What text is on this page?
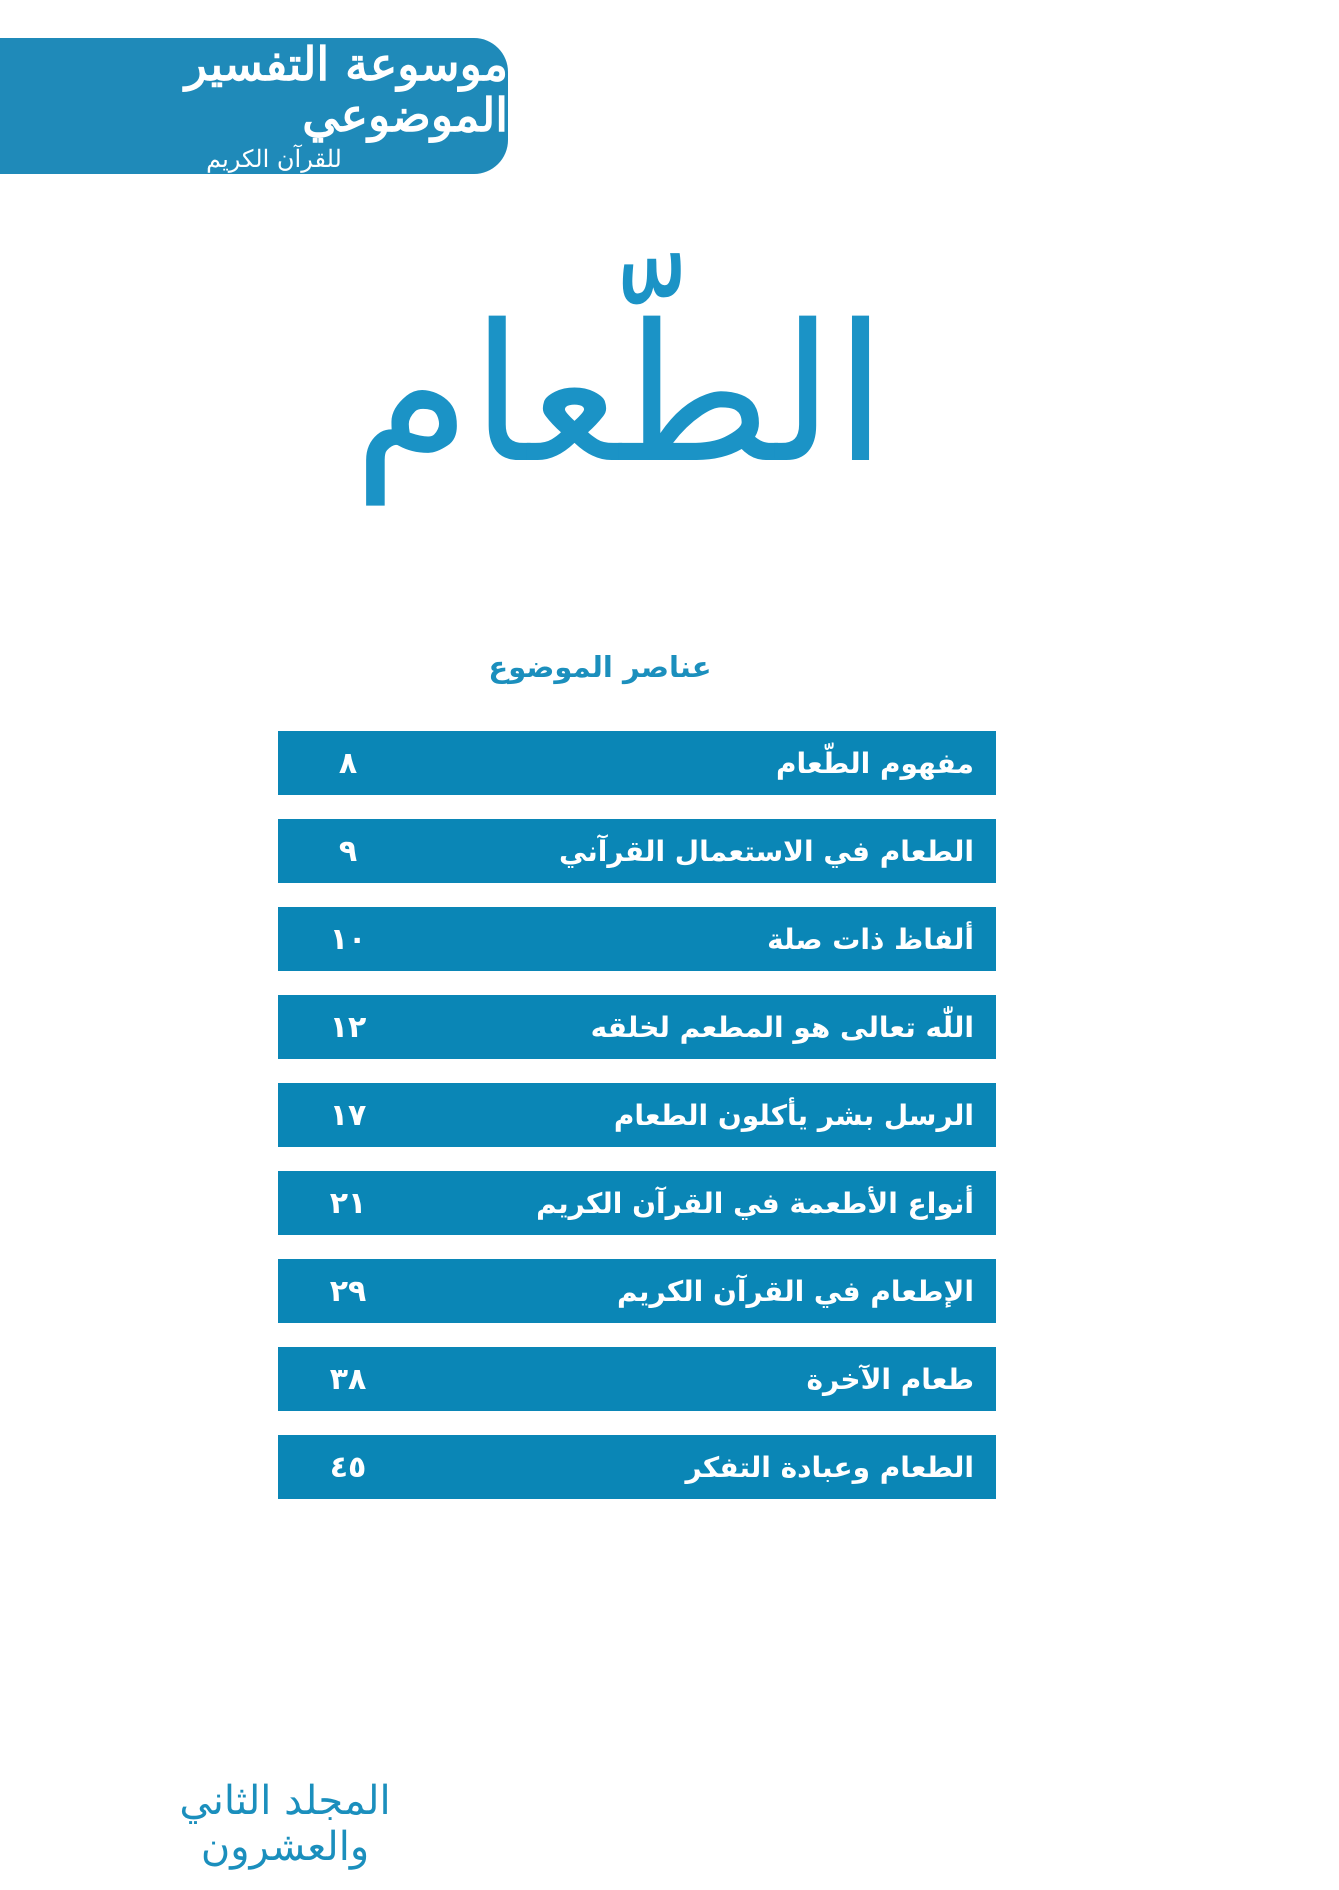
موسوعة التفسير الموضوعي
للقرآن الكريم
الطّعام
عناصر الموضوع
مفهوم الطّعام
٨
الطعام في الاستعمال القرآني
٩
ألفاظ ذات صلة
١٠
اللّٰه تعالى هو المطعم لخلقه
١٢
الرسل بشر يأكلون الطعام
١٧
أنواع الأطعمة في القرآن الكريم
٢١
الإطعام في القرآن الكريم
٢٩
طعام الآخرة
٣٨
الطعام وعبادة التفكر
٤٥
المجلد الثاني والعشرون
